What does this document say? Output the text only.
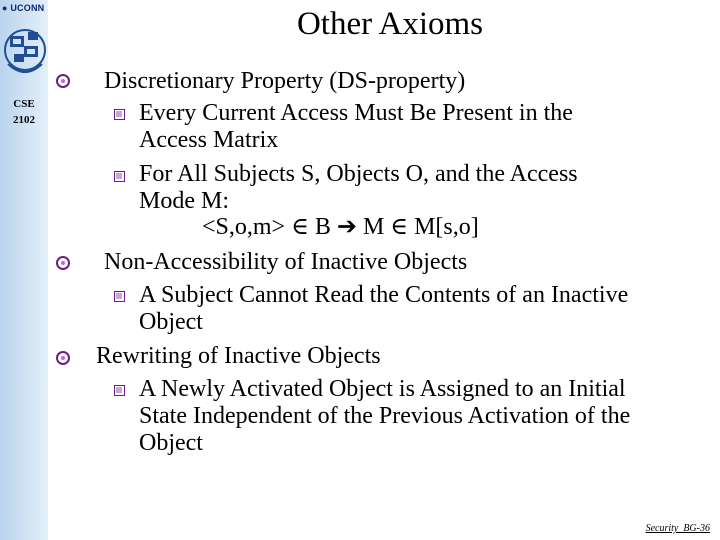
● UCONN
CSE
2102
Other Axioms
Discretionary Property (DS-property)
Every Current Access Must Be Present in the
Access Matrix
For All Subjects S, Objects O, and the Access
Mode M:
<S,o,m> ∈ B ➔ M ∈ M[s,o]
Non-Accessibility of Inactive Objects
A Subject Cannot Read the Contents of an Inactive
Object
Rewriting of Inactive Objects
A Newly Activated Object is Assigned to an Initial
State Independent of the Previous Activation of the
Object
Security_BG-36
